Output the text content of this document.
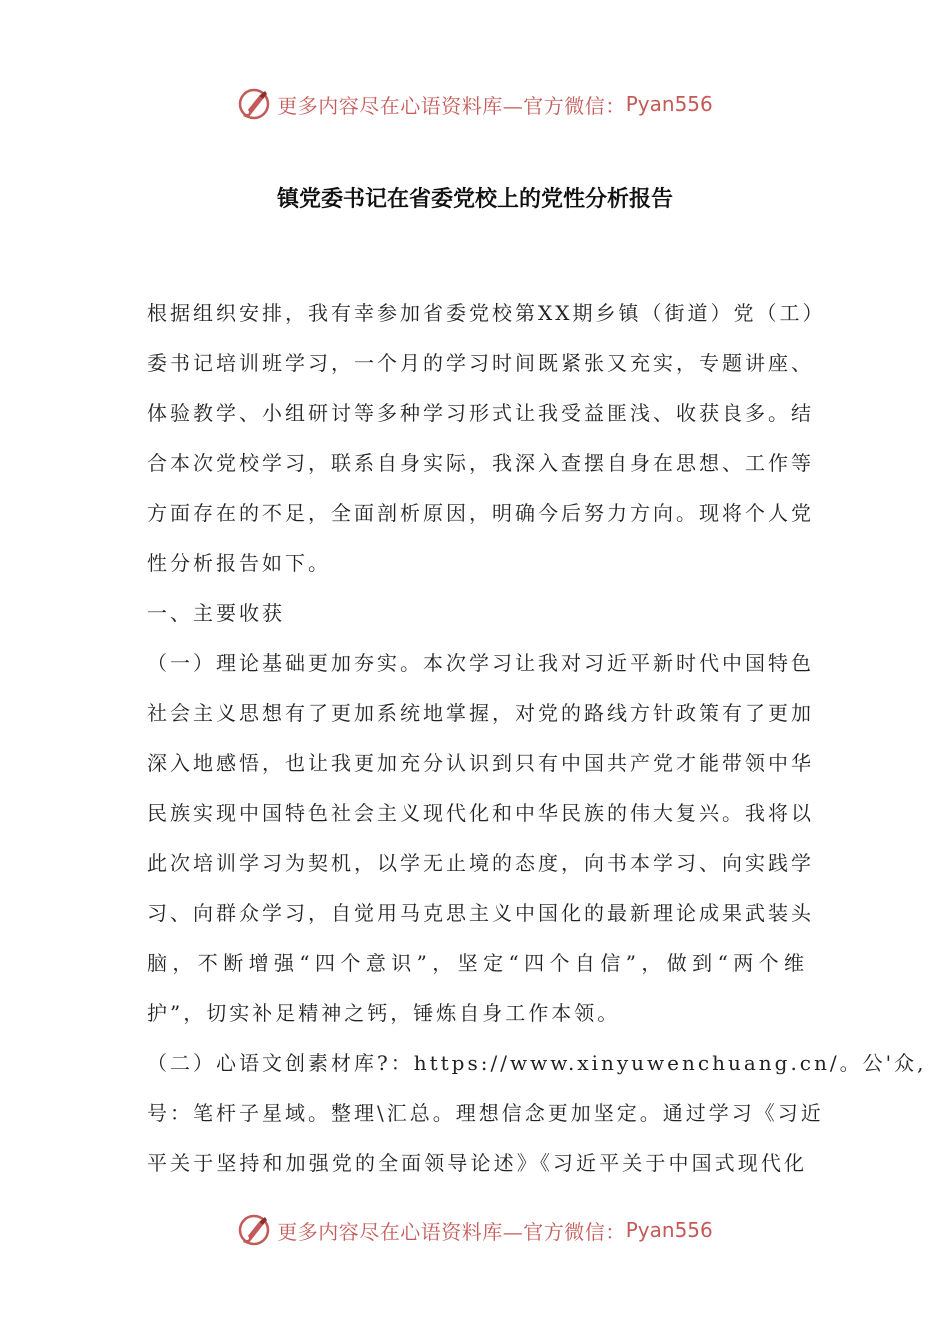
更多内容尽在心语资料库—官方微信： Pyan556
镇党委书记在省委党校上的党性分析报告
根据组织安排，我有幸参加省委党校第XX期乡镇（街道）党（工）
委书记培训班学习，一个月的学习时间既紧张又充实，专题讲座、
体验教学、小组研讨等多种学习形式让我受益匪浅、收获良多。结
合本次党校学习，联系自身实际，我深入查摆自身在思想、工作等
方面存在的不足，全面剖析原因，明确今后努力方向。现将个人党
性分析报告如下。
一、主要收获
（一）理论基础更加夯实。本次学习让我对习近平新时代中国特色
社会主义思想有了更加系统地掌握，对党的路线方针政策有了更加
深入地感悟，也让我更加充分认识到只有中国共产党才能带领中华
民族实现中国特色社会主义现代化和中华民族的伟大复兴。我将以
此次培训学习为契机，以学无止境的态度，向书本学习、向实践学
习、向群众学习，自觉用马克思主义中国化的最新理论成果武装头
脑，不断增强“四个意识”，坚定“四个自信”，做到“两个维
护”，切实补足精神之钙，锤炼自身工作本领。
（二）心语文创素材库?：https://www.xinyuwenchuang.cn/。公'众,
号：笔杆子星域。整理\汇总。理想信念更加坚定。通过学习《习近
平关于坚持和加强党的全面领导论述》《习近平关于中国式现代化
更多内容尽在心语资料库—官方微信： Pyan556
